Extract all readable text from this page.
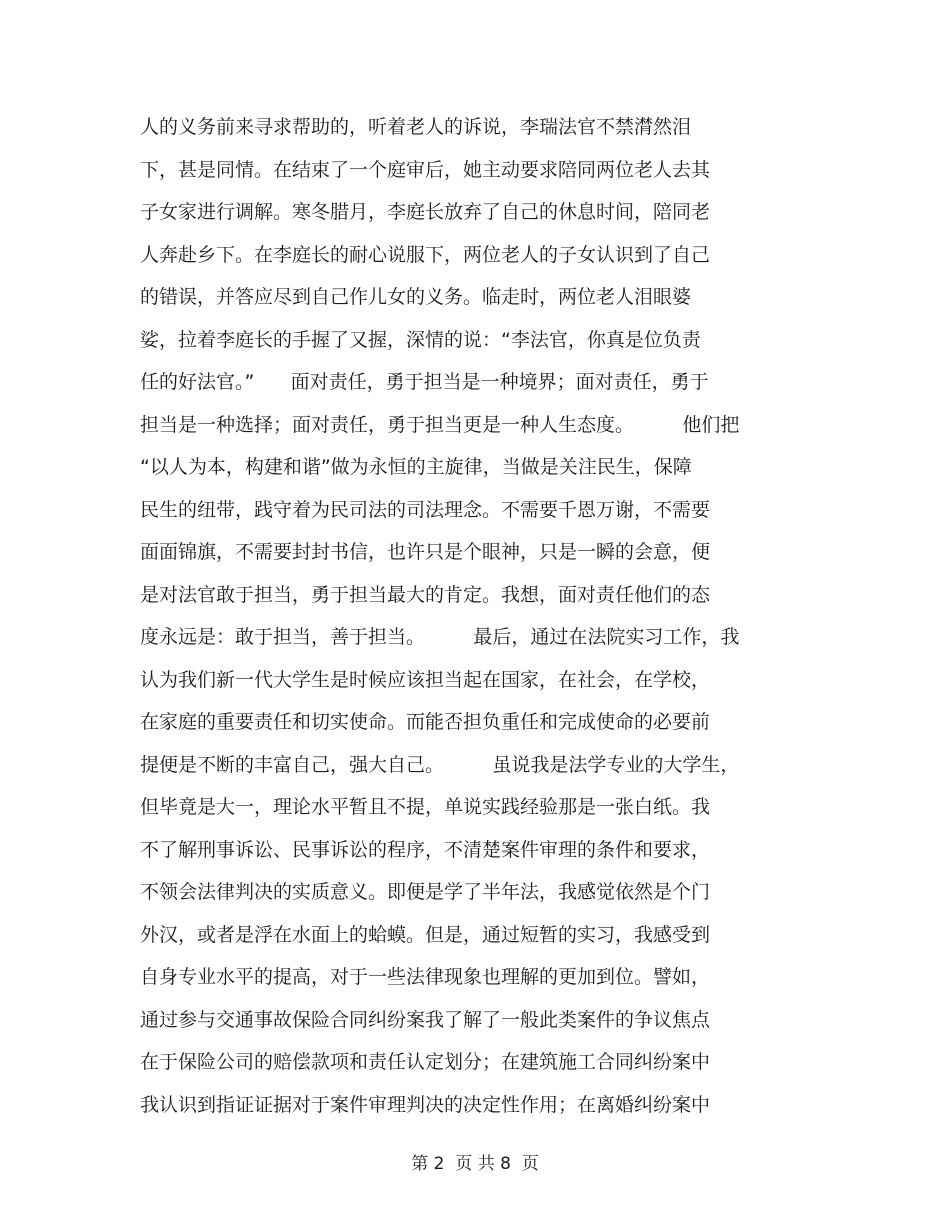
人的义务前来寻求帮助的，听着老人的诉说，李瑞法官不禁潸然泪
下，甚是同情。在结束了一个庭审后，她主动要求陪同两位老人去其
子女家进行调解。寒冬腊月，李庭长放弃了自己的休息时间，陪同老
人奔赴乡下。在李庭长的耐心说服下，两位老人的子女认识到了自己
的错误，并答应尽到自己作儿女的义务。临走时，两位老人泪眼婆
娑，拉着李庭长的手握了又握，深情的说：“李法官，你真是位负责
任的好法官。”      面对责任，勇于担当是一种境界；面对责任，勇于
担当是一种选择；面对责任，勇于担当更是一种人生态度。        他们把
“以人为本，构建和谐”做为永恒的主旋律，当做是关注民生，保障
民生的纽带，践守着为民司法的司法理念。不需要千恩万谢，不需要
面面锦旗，不需要封封书信，也许只是个眼神，只是一瞬的会意，便
是对法官敢于担当，勇于担当最大的肯定。我想，面对责任他们的态
度永远是：敢于担当，善于担当。        最后，通过在法院实习工作，我
认为我们新一代大学生是时候应该担当起在国家，在社会，在学校，
在家庭的重要责任和切实使命。而能否担负重任和完成使命的必要前
提便是不断的丰富自己，强大自己。        虽说我是法学专业的大学生，
但毕竟是大一，理论水平暂且不提，单说实践经验那是一张白纸。我
不了解刑事诉讼、民事诉讼的程序，不清楚案件审理的条件和要求，
不领会法律判决的实质意义。即便是学了半年法，我感觉依然是个门
外汉，或者是浮在水面上的蛤蟆。但是，通过短暂的实习，我感受到
自身专业水平的提高，对于一些法律现象也理解的更加到位。譬如，
通过参与交通事故保险合同纠纷案我了解了一般此类案件的争议焦点
在于保险公司的赔偿款项和责任认定划分；在建筑施工合同纠纷案中
我认识到指证证据对于案件审理判决的决定性作用；在离婚纠纷案中
第 2  页 共 8  页
